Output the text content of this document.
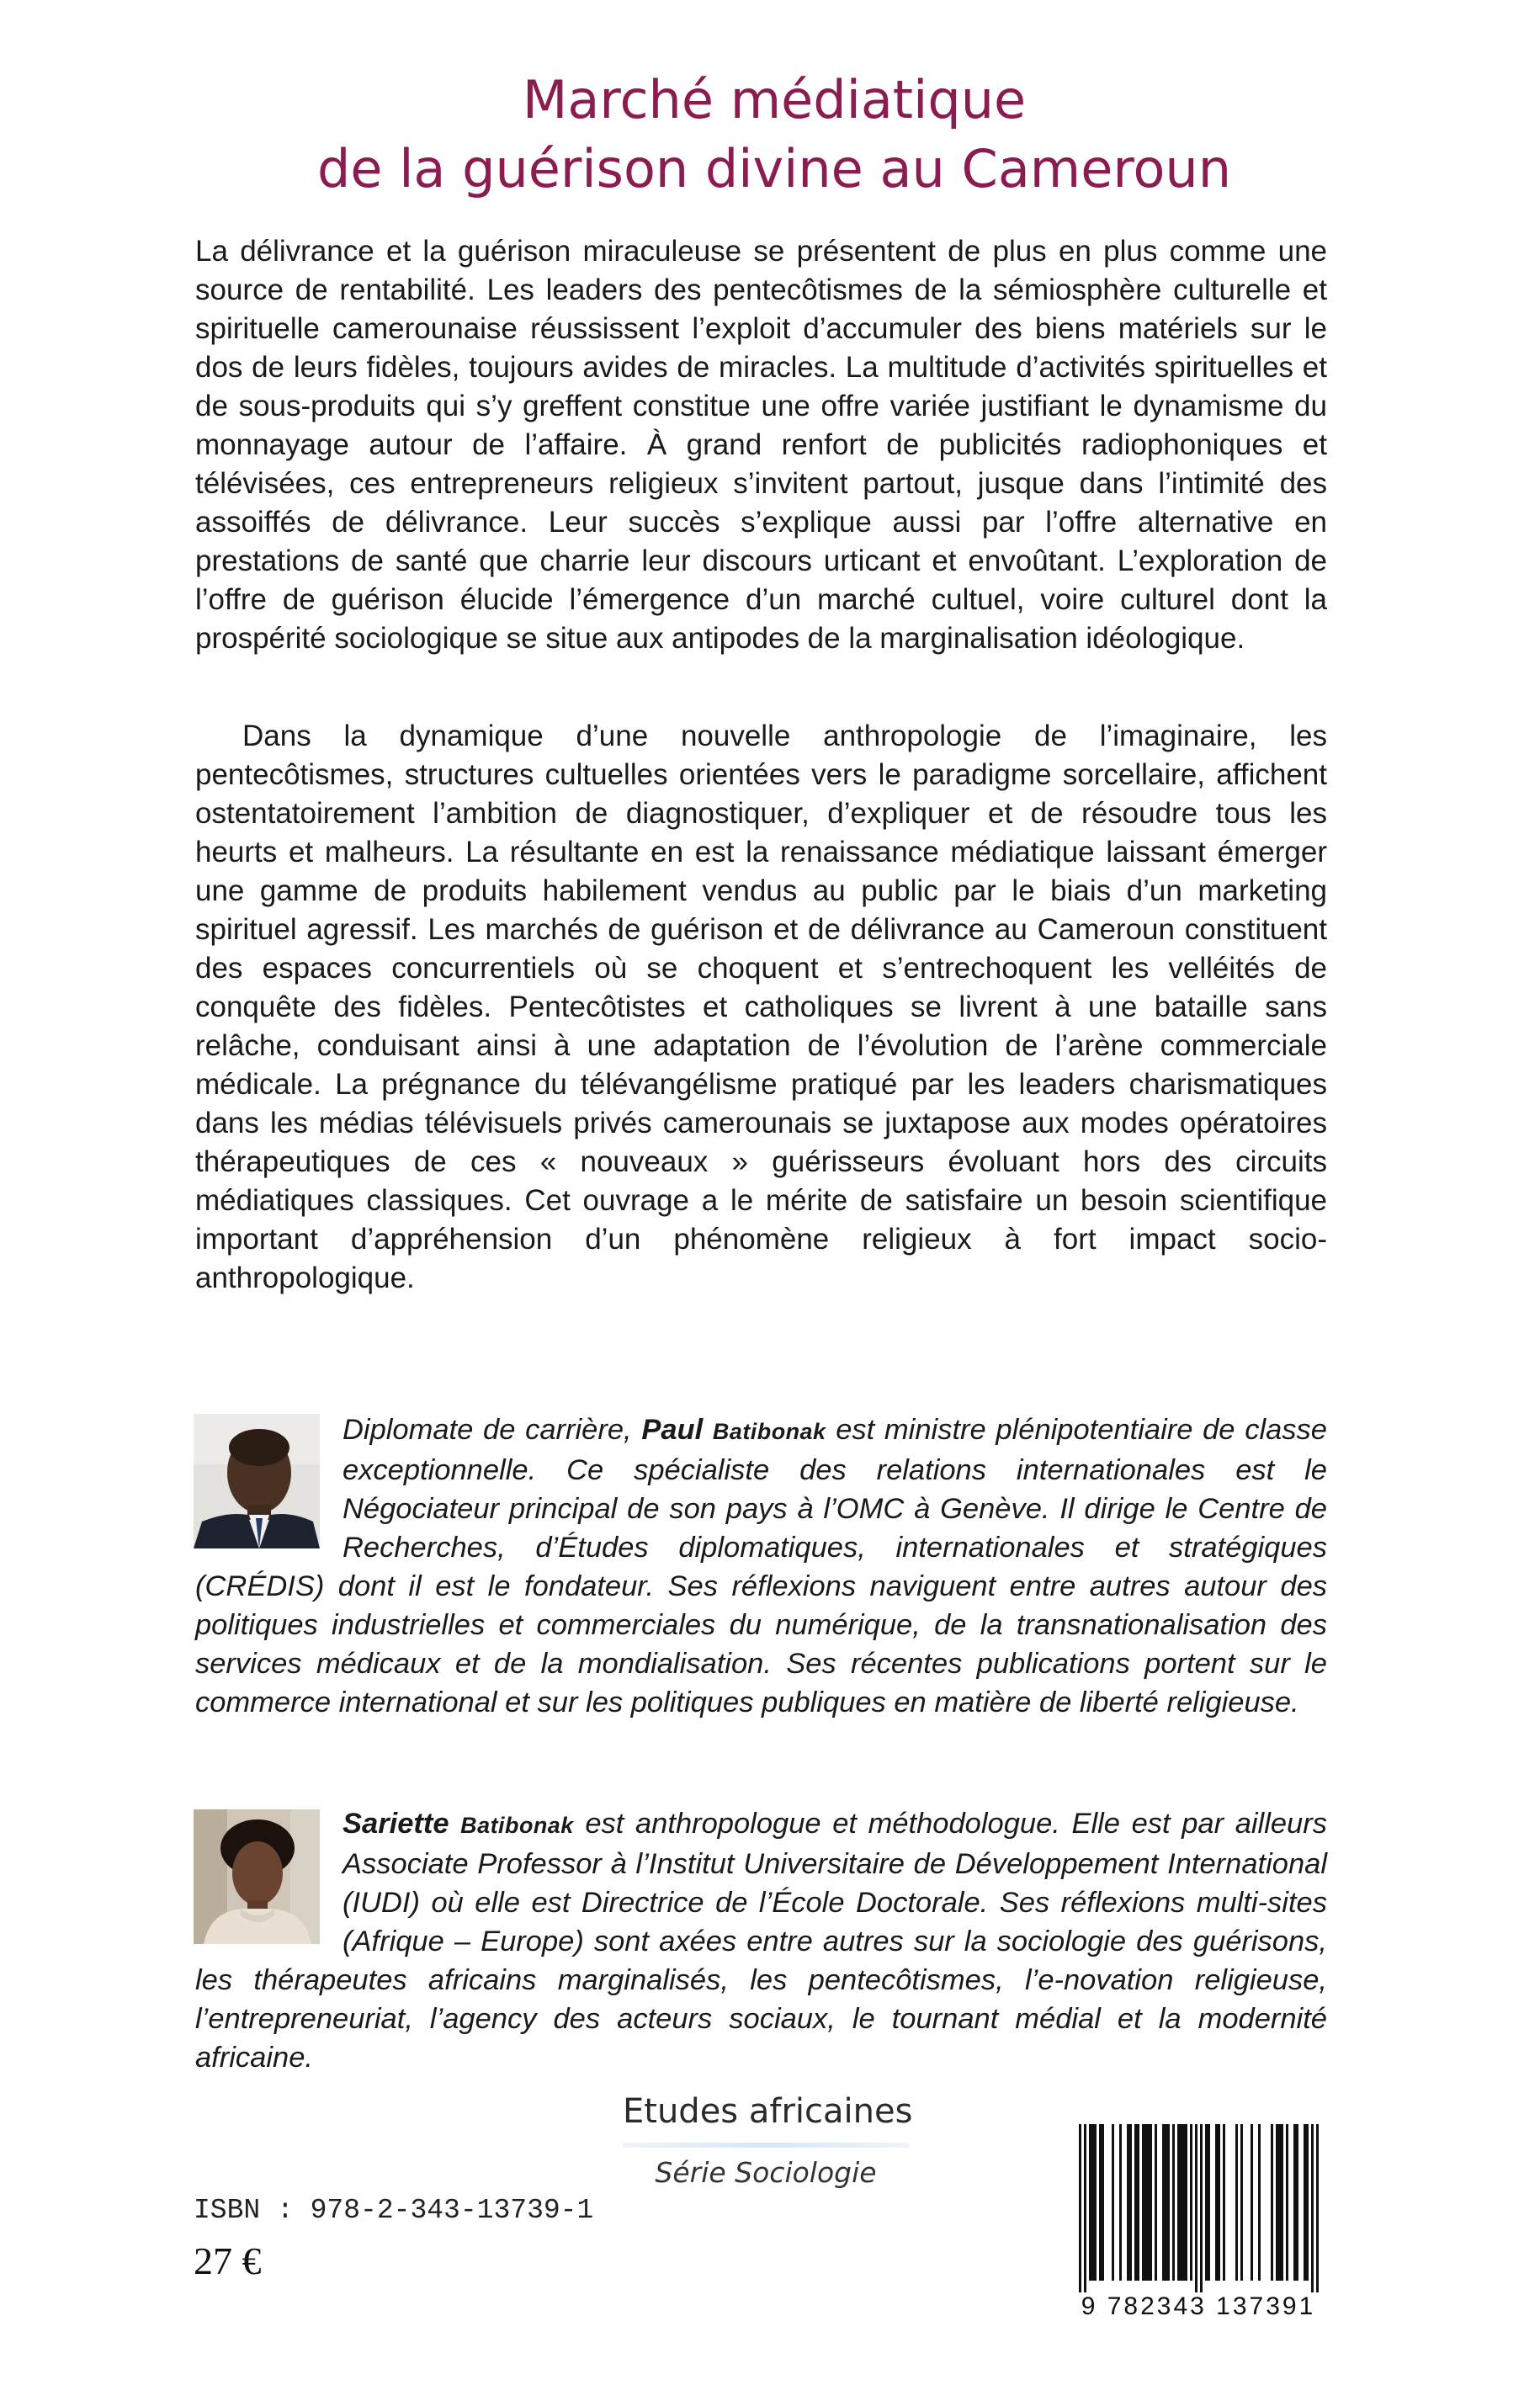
Marché médiatique
de la guérison divine au Cameroun

La délivrance et la guérison miraculeuse se présentent de plus en plus comme une source de rentabilité. Les leaders des pentecôtismes de la sémiosphère culturelle et spirituelle camerounaise réussissent l’exploit d’accumuler des biens matériels sur le dos de leurs fidèles, toujours avides de miracles. La multitude d’activités spirituelles et de sous-produits qui s’y greffent constitue une offre variée justifiant le dynamisme du monnayage autour de l’affaire. À grand renfort de publicités radiophoniques et télévisées, ces entrepreneurs religieux s’invitent partout, jusque dans l’intimité des assoiffés de délivrance. Leur succès s’explique aussi par l’offre alternative en prestations de santé que charrie leur discours urticant et envoûtant. L’exploration de l’offre de guérison élucide l’émergence d’un marché cultuel, voire culturel dont la prospérité sociologique se situe aux antipodes de la marginalisation idéologique.

Dans la dynamique d’une nouvelle anthropologie de l’imaginaire, les pentecôtismes, structures cultuelles orientées vers le paradigme sorcellaire, affichent ostentatoirement l’ambition de diagnostiquer, d’expliquer et de résoudre tous les heurts et malheurs. La résultante en est la renaissance médiatique laissant émerger une gamme de produits habilement vendus au public par le biais d’un marketing spirituel agressif. Les marchés de guérison et de délivrance au Cameroun constituent des espaces concurrentiels où se choquent et s’entrechoquent les velléités de conquête des fidèles. Pentecôtistes et catholiques se livrent à une bataille sans relâche, conduisant ainsi à une adaptation de l’évolution de l’arène commerciale médicale. La prégnance du télévangélisme pratiqué par les leaders charismatiques dans les médias télévisuels privés camerounais se juxtapose aux modes opératoires thérapeutiques de ces « nouveaux » guérisseurs évoluant hors des circuits médiatiques classiques. Cet ouvrage a le mérite de satisfaire un besoin scientifique important d’appréhension d’un phénomène religieux à fort impact socio-anthropologique.

Diplomate de carrière, Paul Batibonak est ministre plénipotentiaire de classe exceptionnelle. Ce spécialiste des relations internationales est le Négociateur principal de son pays à l’OMC à Genève. Il dirige le Centre de Recherches, d’Études diplomatiques, internationales et stratégiques (CRÉDIS) dont il est le fondateur. Ses réflexions naviguent entre autres autour des politiques industrielles et commerciales du numérique, de la transnationalisation des services médicaux et de la mondialisation. Ses récentes publications portent sur le commerce international et sur les politiques publiques en matière de liberté religieuse.

Sariette Batibonak est anthropologue et méthodologue. Elle est par ailleurs Associate Professor à l’Institut Universitaire de Développement International (IUDI) où elle est Directrice de l’École Doctorale. Ses réflexions multi-sites (Afrique – Europe) sont axées entre autres sur la sociologie des guérisons, les thérapeutes africains marginalisés, les pentecôtismes, l’e-novation religieuse, l’entrepreneuriat, l’agency des acteurs sociaux, le tournant médial et la modernité africaine.

Etudes africaines
Série Sociologie
ISBN : 978-2-343-13739-1
27 €
9 782343 137391
